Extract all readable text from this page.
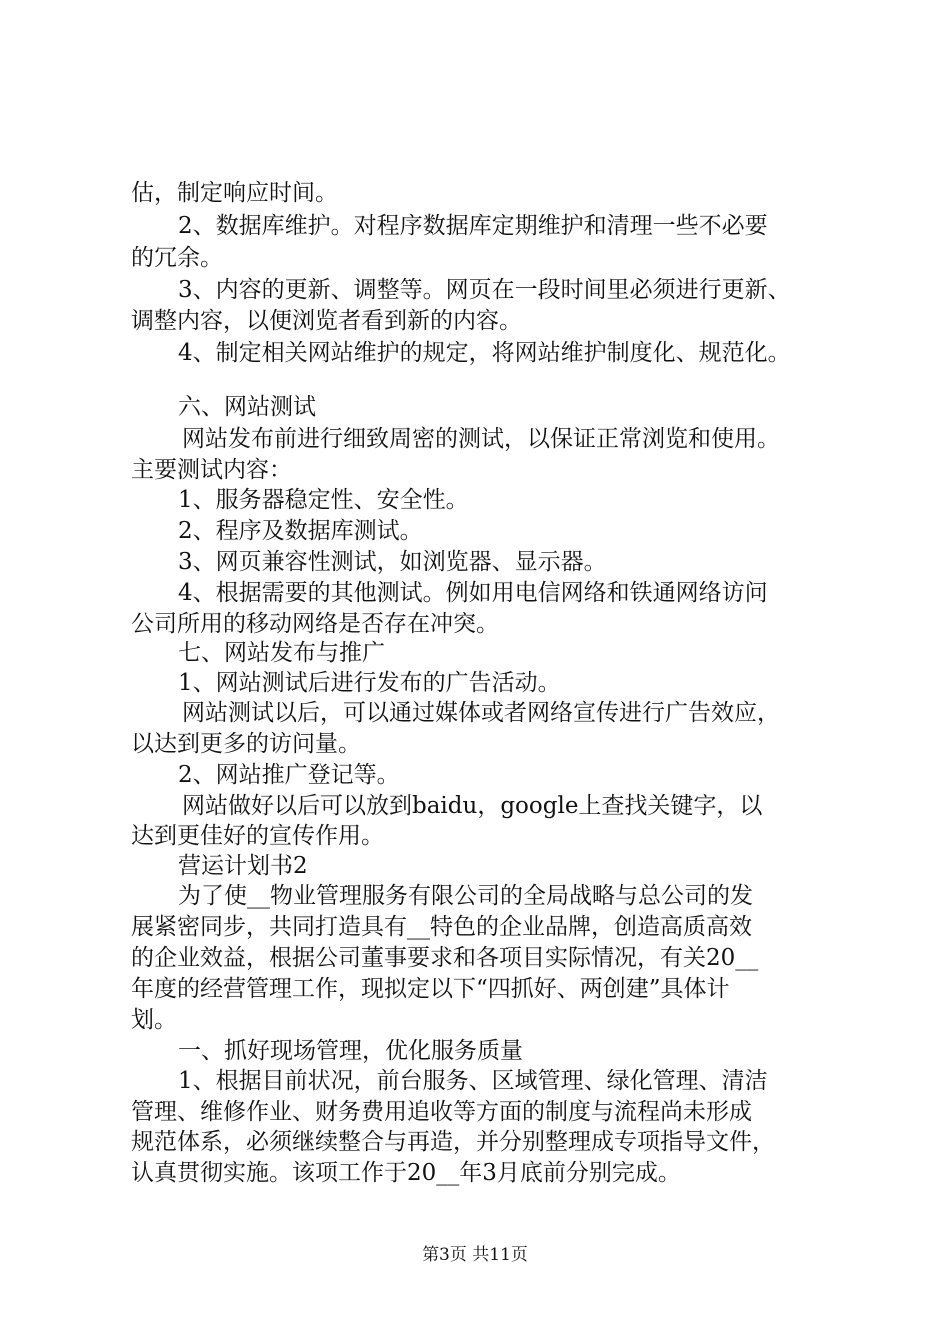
估，制定响应时间。
2、数据库维护。对程序数据库定期维护和清理一些不必要
的冗余。
3、内容的更新、调整等。网页在一段时间里必须进行更新、
调整内容，以便浏览者看到新的内容。
4、制定相关网站维护的规定，将网站维护制度化、规范化。
六、网站测试
网站发布前进行细致周密的测试，以保证正常浏览和使用。
主要测试内容：
1、服务器稳定性、安全性。
2、程序及数据库测试。
3、网页兼容性测试，如浏览器、显示器。
4、根据需要的其他测试。例如用电信网络和铁通网络访问
公司所用的移动网络是否存在冲突。
七、网站发布与推广
1、网站测试后进行发布的广告活动。
网站测试以后，可以通过媒体或者网络宣传进行广告效应，
以达到更多的访问量。
2、网站推广登记等。
网站做好以后可以放到baidu，google上查找关键字，以
达到更佳好的宣传作用。
营运计划书2
为了使__物业管理服务有限公司的全局战略与总公司的发
展紧密同步，共同打造具有__特色的企业品牌，创造高质高效
的企业效益，根据公司董事要求和各项目实际情况，有关20__
年度的经营管理工作，现拟定以下“四抓好、两创建”具体计
划。
一、抓好现场管理，优化服务质量
1、根据目前状况，前台服务、区域管理、绿化管理、清洁
管理、维修作业、财务费用追收等方面的制度与流程尚未形成
规范体系，必须继续整合与再造，并分别整理成专项指导文件，
认真贯彻实施。该项工作于20__年3月底前分别完成。
第3页 共11页
